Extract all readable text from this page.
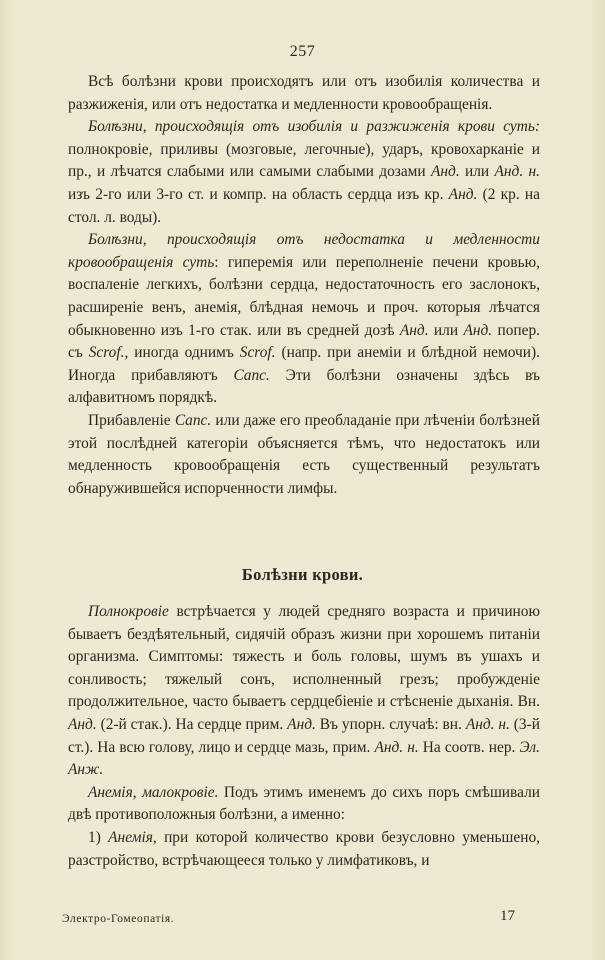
257

Всѣ болѣзни крови происходятъ или отъ изобилія количества и разжиженія, или отъ недостатка и медленности кровообращенія.

Болѣзни, происходящія отъ изобилія и разжиженія крови суть: полнокровіе, приливы (мозговые, легочные), ударъ, кровохарканіе и пр., и лѣчатся слабыми или самыми слабыми дозами Анд. или Анд. н. изъ 2-го или 3-го ст. и компр. на область сердца изъ кр. Анд. (2 кр. на стол. л. воды).

Болѣзни, происходящія отъ недостатка и медленности кровообращенія суть: гиперемія или переполненіе печени кровью, воспаленіе легкихъ, болѣзни сердца, недостаточность его заслонокъ, расширеніе венъ, анемія, блѣдная немочь и проч. которыя лѣчатся обыкновенно изъ 1-го стак. или въ средней дозѣ Анд. или Анд. попер. съ Scrof., иногда однимъ Scrof. (напр. при анеміи и блѣдной немочи). Иногда прибавляютъ Canc. Эти болѣзни означены здѣсь въ алфавитномъ порядкѣ.

Прибавленіе Canc. или даже его преобладаніе при лѣченіи болѣзней этой послѣдней категоріи объясняется тѣмъ, что недостатокъ или медленность кровообращенія есть существенный результатъ обнаружившейся испорченности лимфы.

Болѣзни крови.

Полнокровіе встрѣчается у людей средняго возраста и причиною бываетъ бездѣятельный, сидячій образъ жизни при хорошемъ питаніи организма. Симптомы: тяжесть и боль головы, шумъ въ ушахъ и сонливость; тяжелый сонъ, исполненный грезъ; пробужденіе продолжительное, часто бываетъ сердцебіеніе и стѣсненіе дыханія. Вн. Анд. (2-й стак.). На сердце прим. Анд. Въ упорн. случаѣ: вн. Анд. н. (3-й ст.). На всю голову, лицо и сердце мазь, прим. Анд. н. На соотв. нер. Эл. Анж.

Анемія, малокровіе. Подъ этимъ именемъ до сихъ поръ смѣшивали двѣ противоположныя болѣзни, а именно:

1) Анемія, при которой количество крови безусловно уменьшено, разстройство, встрѣчающееся только у лимфатиковъ, и

Электро-Гомеопатія.	17
